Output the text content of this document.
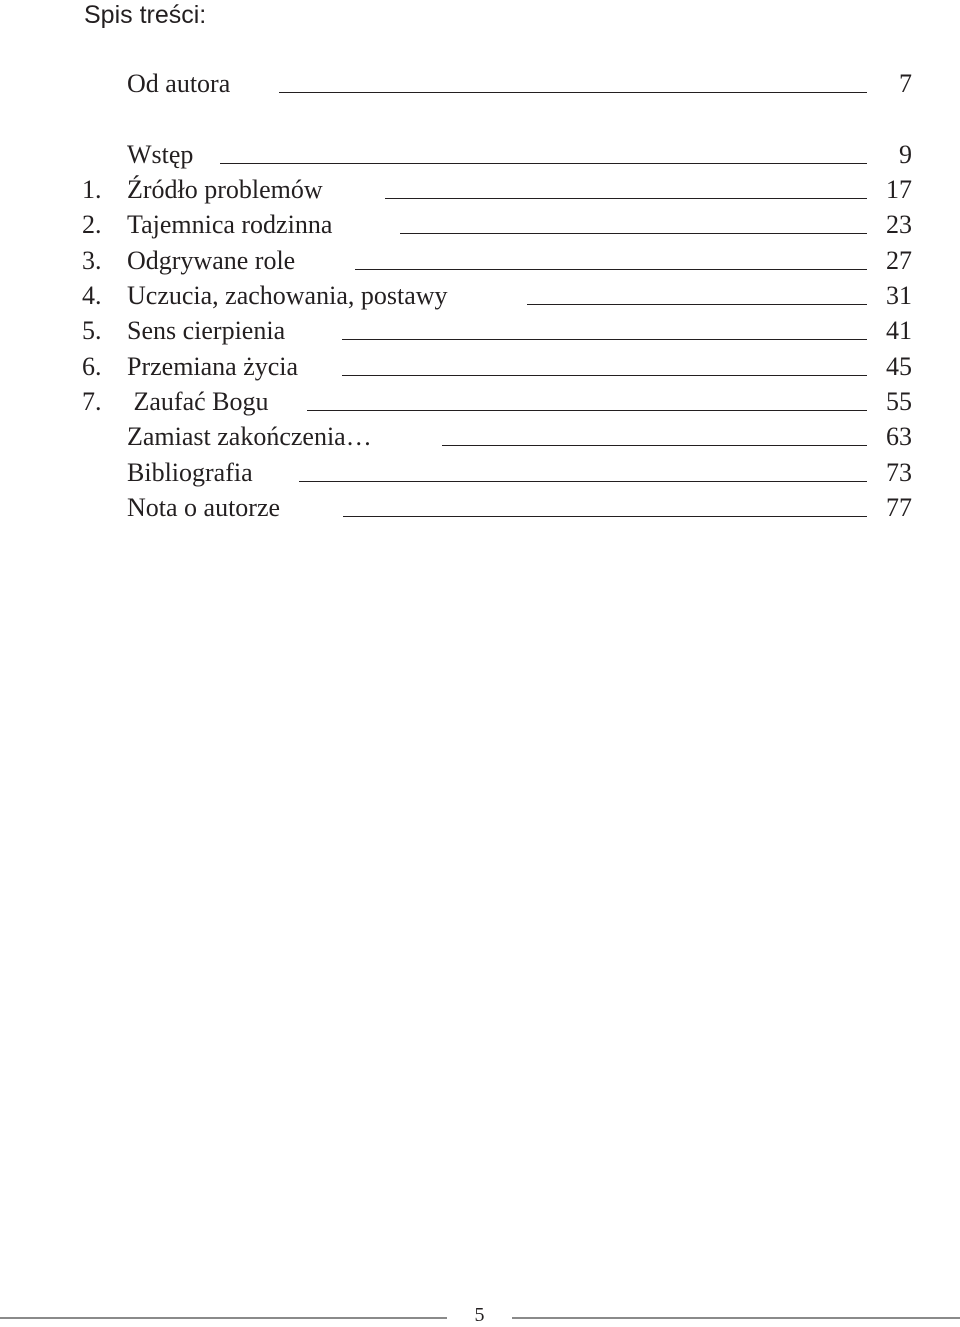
Spis treści:
Od autora	7
Wstęp	9
1. Źródło problemów	17
2. Tajemnica rodzinna	23
3. Odgrywane role	27
4. Uczucia, zachowania, postawy	31
5. Sens cierpienia	41
6. Przemiana życia	45
7. Zaufać Bogu	55
Zamiast zakończenia…	63
Bibliografia	73
Nota o autorze	77
5
